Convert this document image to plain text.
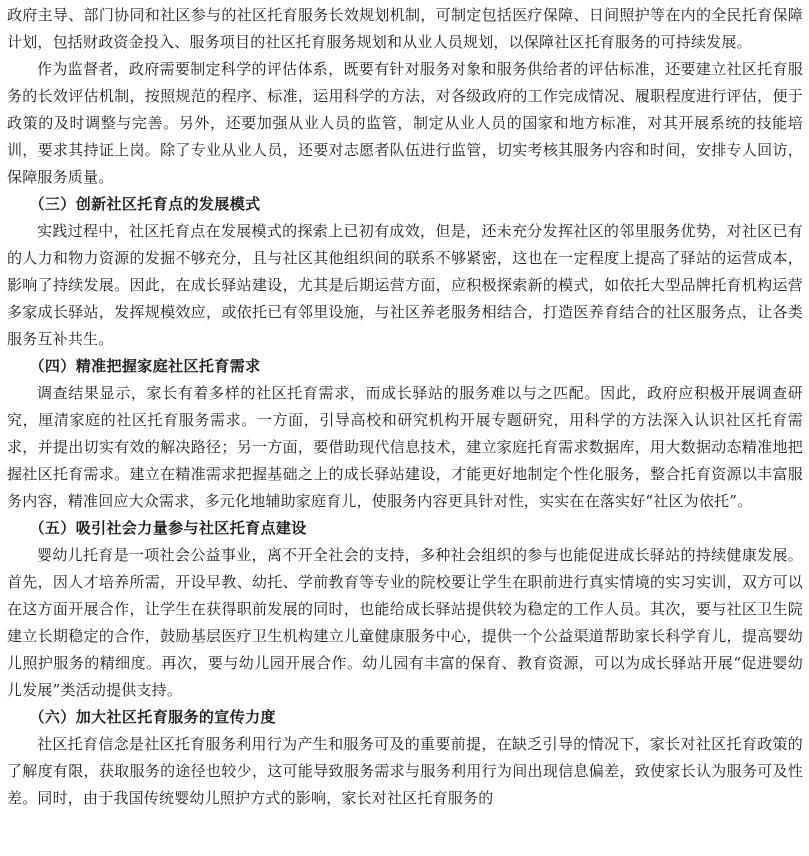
政府主导、部门协同和社区参与的社区托育服务长效规划机制，可制定包括医疗保障、日间照护等在内的全民托育保障计划，包括财政资金投入、服务项目的社区托育服务规划和从业人员规划，以保障社区托育服务的可持续发展。

作为监督者，政府需要制定科学的评估体系，既要有针对服务对象和服务供给者的评估标准，还要建立社区托育服务的长效评估机制，按照规范的程序、标准，运用科学的方法，对各级政府的工作完成情况、履职程度进行评估，便于政策的及时调整与完善。另外，还要加强从业人员的监管，制定从业人员的国家和地方标准，对其开展系统的技能培训，要求其持证上岗。除了专业从业人员，还要对志愿者队伍进行监管，切实考核其服务内容和时间，安排专人回访，保障服务质量。

（三）创新社区托育点的发展模式

实践过程中，社区托育点在发展模式的探索上已初有成效，但是，还未充分发挥社区的邻里服务优势，对社区已有的人力和物力资源的发掘不够充分，且与社区其他组织间的联系不够紧密，这也在一定程度上提高了驿站的运营成本，影响了持续发展。因此，在成长驿站建设，尤其是后期运营方面，应积极探索新的模式，如依托大型品牌托育机构运营多家成长驿站，发挥规模效应，或依托已有邻里设施，与社区养老服务相结合，打造医养育结合的社区服务点，让各类服务互补共生。

（四）精准把握家庭社区托育需求

调查结果显示，家长有着多样的社区托育需求，而成长驿站的服务难以与之匹配。因此，政府应积极开展调查研究，厘清家庭的社区托育服务需求。一方面，引导高校和研究机构开展专题研究，用科学的方法深入认识社区托育需求，并提出切实有效的解决路径；另一方面，要借助现代信息技术，建立家庭托育需求数据库，用大数据动态精准地把握社区托育需求。建立在精准需求把握基础之上的成长驿站建设，才能更好地制定个性化服务，整合托育资源以丰富服务内容，精准回应大众需求，多元化地辅助家庭育儿，使服务内容更具针对性，实实在在落实好“社区为依托”。

（五）吸引社会力量参与社区托育点建设

婴幼儿托育是一项社会公益事业，离不开全社会的支持，多种社会组织的参与也能促进成长驿站的持续健康发展。首先，因人才培养所需，开设早教、幼托、学前教育等专业的院校要让学生在职前进行真实情境的实习实训，双方可以在这方面开展合作，让学生在获得职前发展的同时，也能给成长驿站提供较为稳定的工作人员。其次，要与社区卫生院建立长期稳定的合作，鼓励基层医疗卫生机构建立儿童健康服务中心，提供一个公益渠道帮助家长科学育儿，提高婴幼儿照护服务的精细度。再次，要与幼儿园开展合作。幼儿园有丰富的保育、教育资源，可以为成长驿站开展“促进婴幼儿发展”类活动提供支持。

（六）加大社区托育服务的宣传力度

社区托育信念是社区托育服务利用行为产生和服务可及的重要前提，在缺乏引导的情况下，家长对社区托育政策的了解度有限，获取服务的途径也较少，这可能导致服务需求与服务利用行为间出现信息偏差，致使家长认为服务可及性差。同时，由于我国传统婴幼儿照护方式的影响，家长对社区托育服务的
